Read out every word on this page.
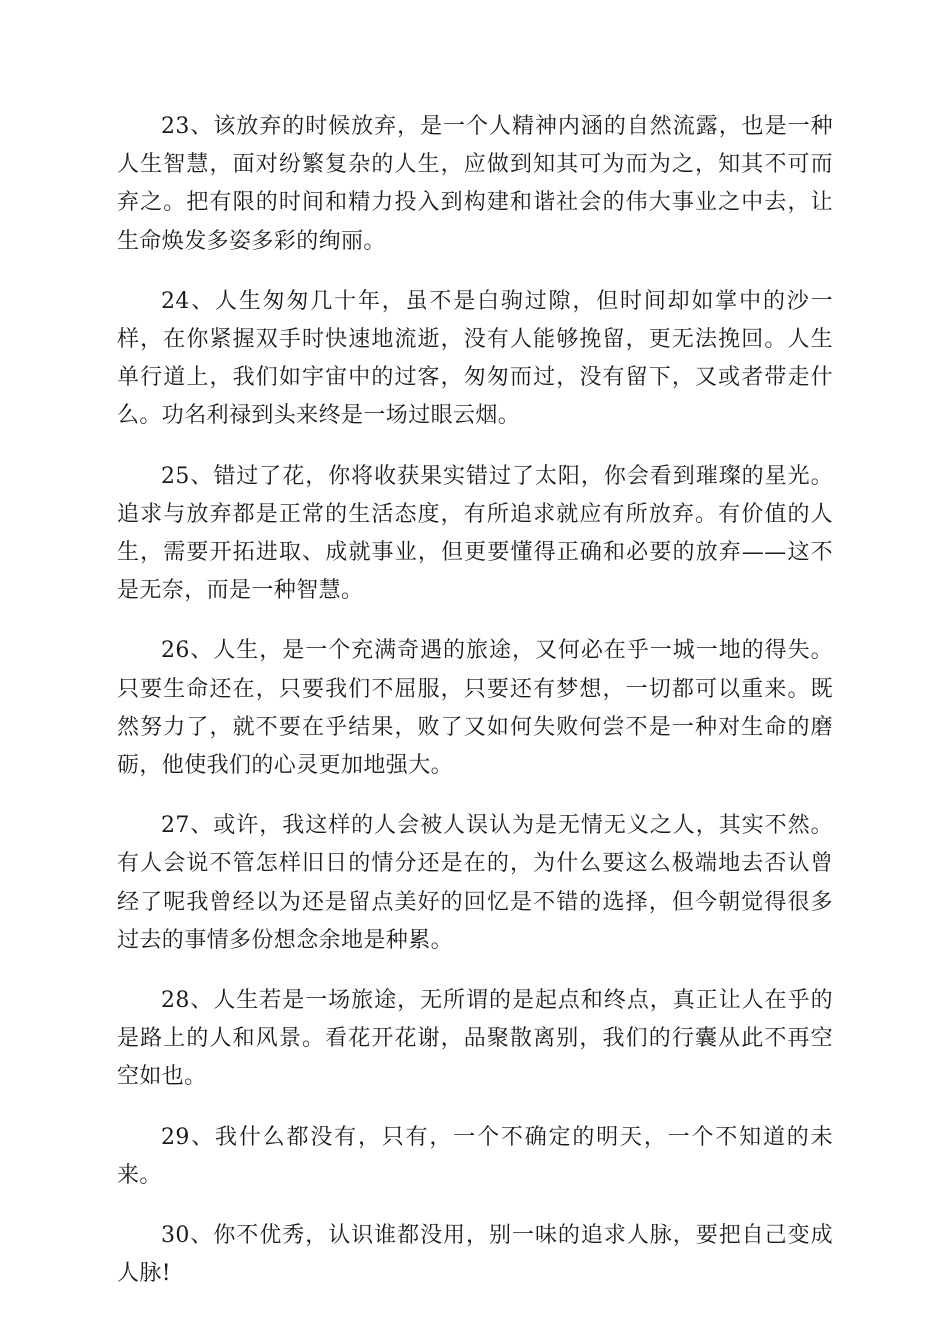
23、该放弃的时候放弃，是一个人精神内涵的自然流露，也是一种人生智慧，面对纷繁复杂的人生，应做到知其可为而为之，知其不可而弃之。把有限的时间和精力投入到构建和谐社会的伟大事业之中去，让生命焕发多姿多彩的绚丽。

24、人生匆匆几十年，虽不是白驹过隙，但时间却如掌中的沙一样，在你紧握双手时快速地流逝，没有人能够挽留，更无法挽回。人生单行道上，我们如宇宙中的过客，匆匆而过，没有留下，又或者带走什么。功名利禄到头来终是一场过眼云烟。

25、错过了花，你将收获果实错过了太阳，你会看到璀璨的星光。追求与放弃都是正常的生活态度，有所追求就应有所放弃。有价值的人生，需要开拓进取、成就事业，但更要懂得正确和必要的放弃——这不是无奈，而是一种智慧。

26、人生，是一个充满奇遇的旅途，又何必在乎一城一地的得失。只要生命还在，只要我们不屈服，只要还有梦想，一切都可以重来。既然努力了，就不要在乎结果，败了又如何失败何尝不是一种对生命的磨砺，他使我们的心灵更加地强大。

27、或许，我这样的人会被人误认为是无情无义之人，其实不然。有人会说不管怎样旧日的情分还是在的，为什么要这么极端地去否认曾经了呢我曾经以为还是留点美好的回忆是不错的选择，但今朝觉得很多过去的事情多份想念余地是种累。

28、人生若是一场旅途，无所谓的是起点和终点，真正让人在乎的是路上的人和风景。看花开花谢，品聚散离别，我们的行囊从此不再空空如也。

29、我什么都没有，只有，一个不确定的明天，一个不知道的未来。

30、你不优秀，认识谁都没用，别一味的追求人脉，要把自己变成人脉!
